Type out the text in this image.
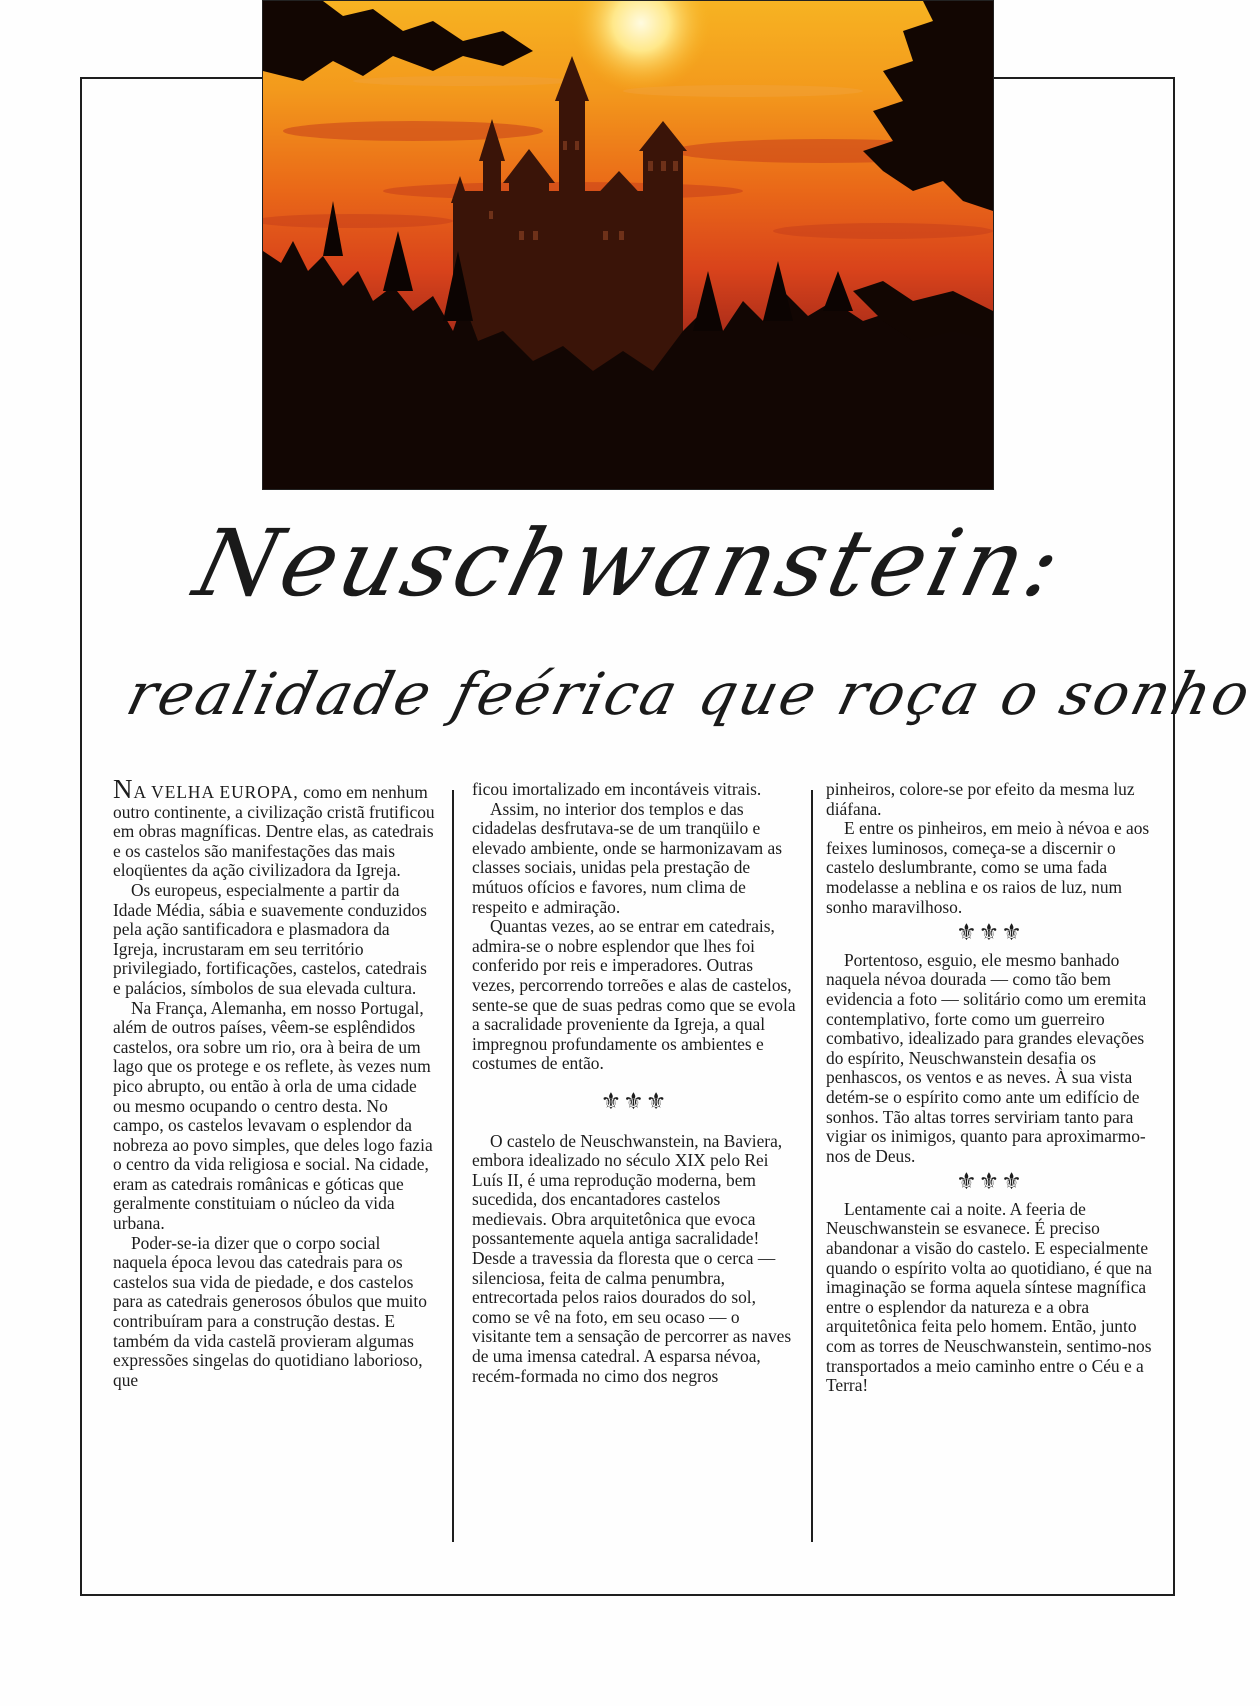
Neuschwanstein:
realidade feérica que roça o sonho

NA VELHA EUROPA, como em nenhum outro continente, a civilização cristã frutificou em obras magníficas. Dentre elas, as catedrais e os castelos são manifestações das mais eloqüentes da ação civilizadora da Igreja.

Os europeus, especialmente a partir da Idade Média, sábia e suavemente conduzidos pela ação santificadora e plasmadora da Igreja, incrustaram em seu território privilegiado, fortificações, castelos, catedrais e palácios, símbolos de sua elevada cultura.

Na França, Alemanha, em nosso Portugal, além de outros países, vêem-se esplêndidos castelos, ora sobre um rio, ora à beira de um lago que os protege e os reflete, às vezes num pico abrupto, ou então à orla de uma cidade ou mesmo ocupando o centro desta. No campo, os castelos levavam o esplendor da nobreza ao povo simples, que deles logo fazia o centro da vida religiosa e social. Na cidade, eram as catedrais românicas e góticas que geralmente constituiam o núcleo da vida urbana.

Poder-se-ia dizer que o corpo social naquela época levou das catedrais para os castelos sua vida de piedade, e dos castelos para as catedrais generosos óbulos que muito contribuíram para a construção destas. E também da vida castelã provieram algumas expressões singelas do quotidiano laborioso, que

ficou imortalizado em incontáveis vitrais.

Assim, no interior dos templos e das cidadelas desfrutava-se de um tranqüilo e elevado ambiente, onde se harmonizavam as classes sociais, unidas pela prestação de mútuos ofícios e favores, num clima de respeito e admiração.

Quantas vezes, ao se entrar em catedrais, admira-se o nobre esplendor que lhes foi conferido por reis e imperadores. Outras vezes, percorrendo torreões e alas de castelos, sente-se que de suas pedras como que se evola a sacralidade proveniente da Igreja, a qual impregnou profundamente os ambientes e costumes de então.

⚜⚜⚜

O castelo de Neuschwanstein, na Baviera, embora idealizado no século XIX pelo Rei Luís II, é uma reprodução moderna, bem sucedida, dos encantadores castelos medievais. Obra arquitetônica que evoca possantemente aquela antiga sacralidade! Desde a travessia da floresta que o cerca — silenciosa, feita de calma penumbra, entrecortada pelos raios dourados do sol, como se vê na foto, em seu ocaso — o visitante tem a sensação de percorrer as naves de uma imensa catedral. A esparsa névoa, recém-formada no cimo dos negros

pinheiros, colore-se por efeito da mesma luz diáfana.

E entre os pinheiros, em meio à névoa e aos feixes luminosos, começa-se a discernir o castelo deslumbrante, como se uma fada modelasse a neblina e os raios de luz, num sonho maravilhoso.

⚜⚜⚜

Portentoso, esguio, ele mesmo banhado naquela névoa dourada — como tão bem evidencia a foto — solitário como um eremita contemplativo, forte como um guerreiro combativo, idealizado para grandes elevações do espírito, Neuschwanstein desafia os penhascos, os ventos e as neves. À sua vista detém-se o espírito como ante um edifício de sonhos. Tão altas torres serviriam tanto para vigiar os inimigos, quanto para aproximarmo-nos de Deus.

⚜⚜⚜

Lentamente cai a noite. A feeria de Neuschwanstein se esvanece. É preciso abandonar a visão do castelo. E especialmente quando o espírito volta ao quotidiano, é que na imaginação se forma aquela síntese magnífica entre o esplendor da natureza e a obra arquitetônica feita pelo homem. Então, junto com as torres de Neuschwanstein, sentimo-nos transportados a meio caminho entre o Céu e a Terra!
